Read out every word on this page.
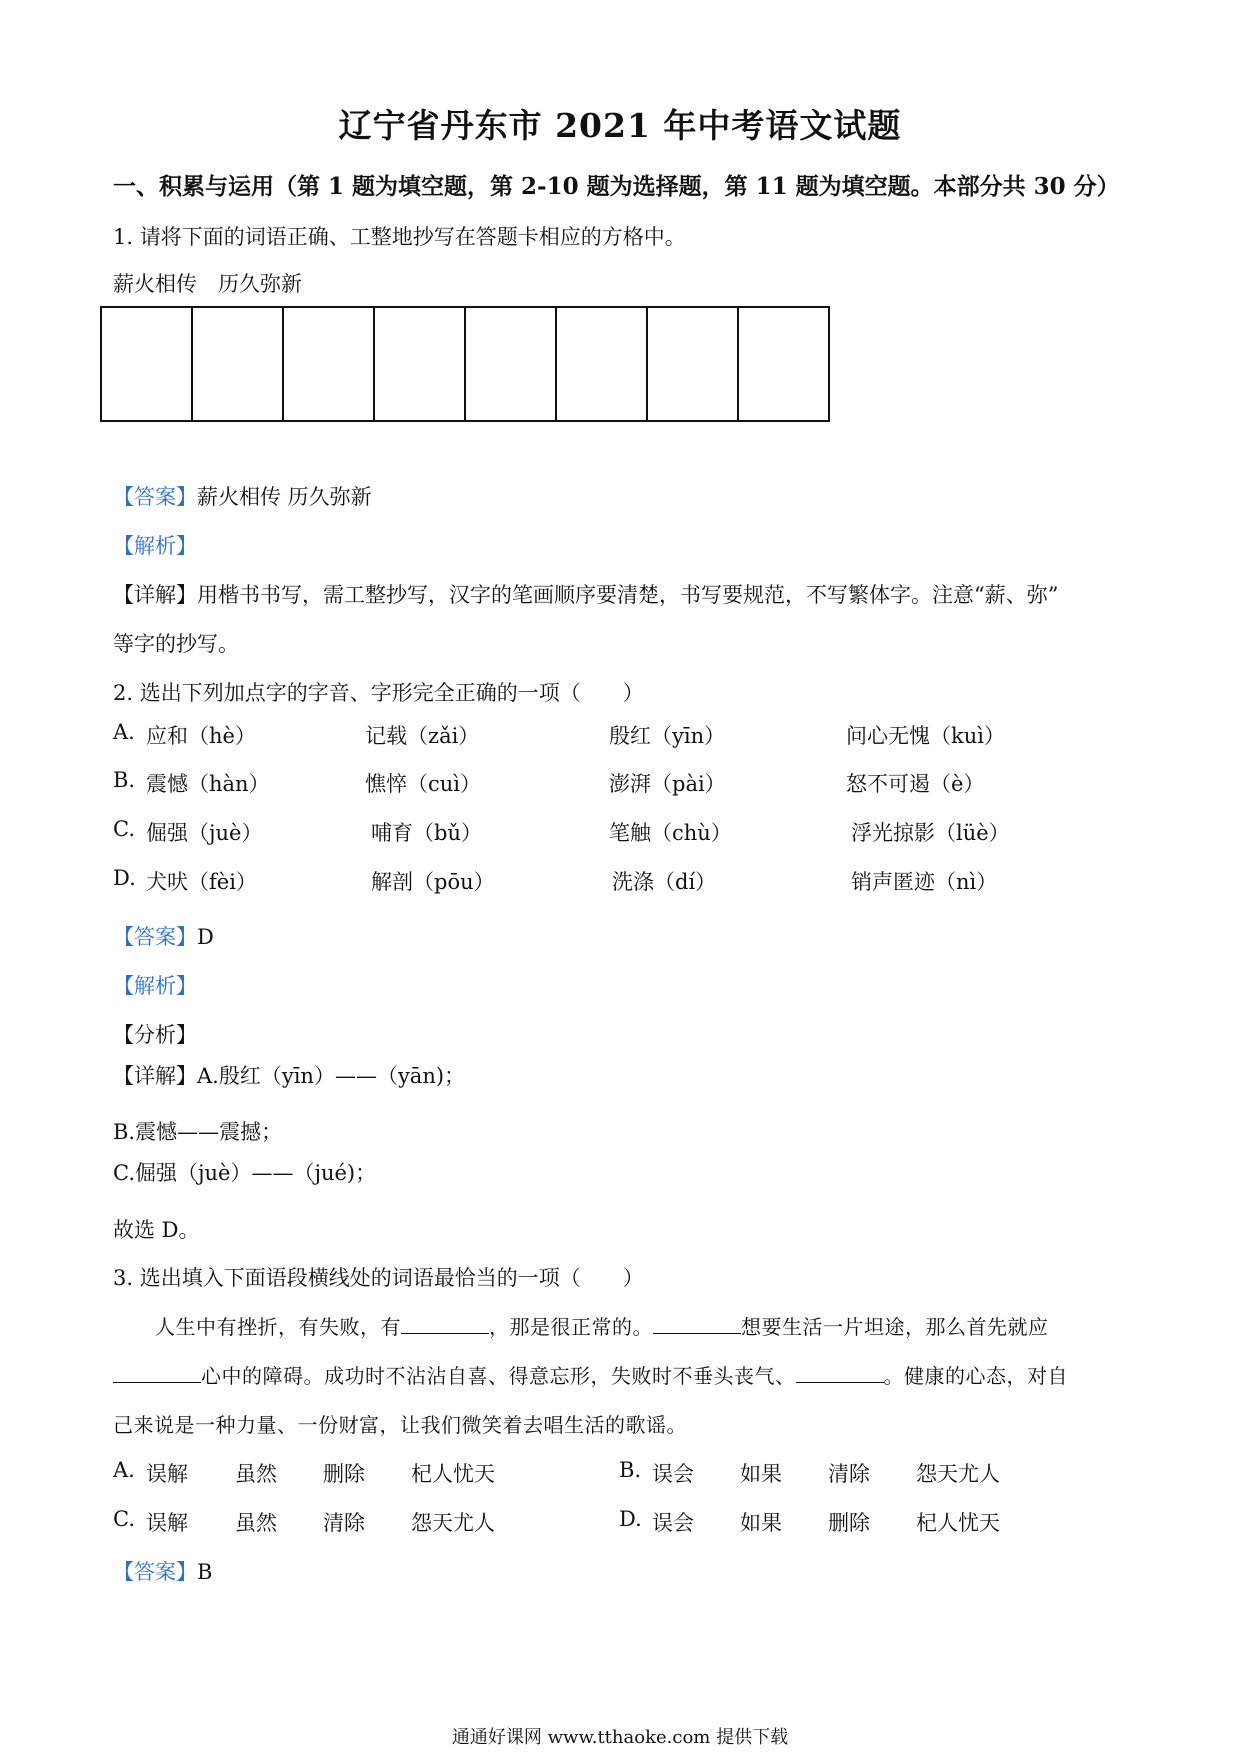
辽宁省丹东市 2021 年中考语文试题
一、积累与运用（第 1 题为填空题，第 2-10 题为选择题，第 11 题为填空题。本部分共 30 分）
1. 请将下面的词语正确、工整地抄写在答题卡相应的方格中。
薪火相传　历久弥新
【答案】薪火相传 历久弥新
【解析】
【详解】用楷书书写，需工整抄写，汉字的笔画顺序要清楚，书写要规范，不写繁体字。注意“薪、弥”
等字的抄写。
2. 选出下列加点字的字音、字形完全正确的一项（　　）
A. 应和（hè）	记载（zǎi）	殷红（yīn）	问心无愧（kuì）
B. 震憾（hàn）	憔悴（cuì）	澎湃（pài）	怒不可遏（è）
C. 倔强（juè）	哺育（bǔ）	笔触（chù）	浮光掠影（lüè）
D. 犬吠（fèi）	解剖（pōu）	洗涤（dí）	销声匿迹（nì）
【答案】D
【解析】
【分析】
【详解】A.殷红（yīn）——（yān)；
B.震憾——震撼；
C.倔强（juè）——（jué)；
故选 D。
3. 选出填入下面语段横线处的词语最恰当的一项（　　）
人生中有挫折，有失败，有	，那是很正常的。	想要生活一片坦途，那么首先就应
心中的障碍。成功时不沾沾自喜、得意忘形，失败时不垂头丧气、	。健康的心态，对自
己来说是一种力量、一份财富，让我们微笑着去唱生活的歌谣。
A. 误解 虽然 删除 杞人忧天	B. 误会 如果 清除 怨天尤人
C. 误解 虽然 清除 怨天尤人	D. 误会 如果 删除 杞人忧天
【答案】B
通通好课网 www.tthaoke.com 提供下载
